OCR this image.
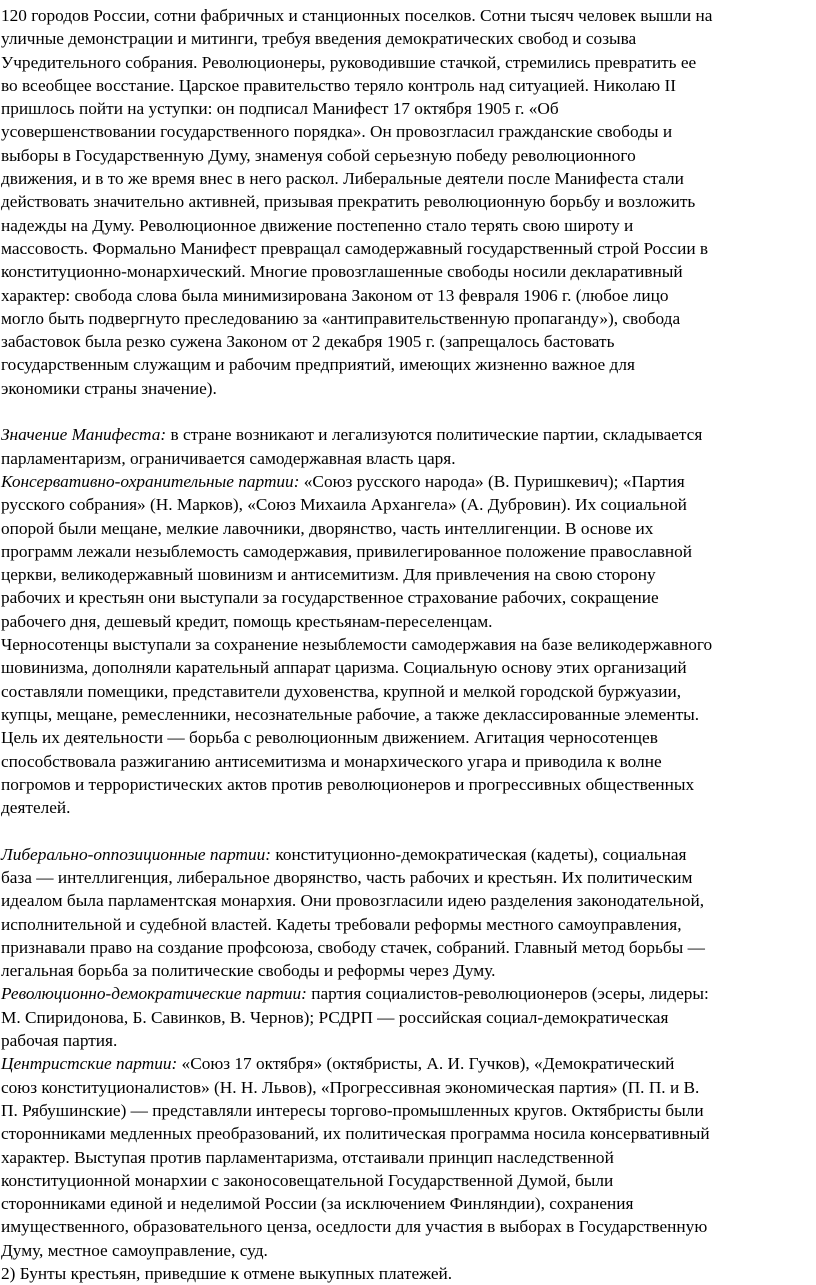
120 городов России, сотни фабричных и станционных поселков. Сотни тысяч человек вышли на
уличные демонстрации и митинги, требуя введения демократических свобод и созыва
Учредительного собрания. Революционеры, руководившие стачкой, стремились превратить ее
во всеобщее восстание. Царское правительство теряло контроль над ситуацией. Николаю II
пришлось пойти на уступки: он подписал Манифест 17 октября 1905 г. «Об
усовершенствовании государственного порядка». Он провозгласил гражданские свободы и
выборы в Государственную Думу, знаменуя собой серьезную победу революционного
движения, и в то же время внес в него раскол. Либеральные деятели после Манифеста стали
действовать значительно активней, призывая прекратить революционную борьбу и возложить
надежды на Думу. Революционное движение постепенно стало терять свою широту и
массовость. Формально Манифест превращал самодержавный государственный строй России в
конституционно-монархический. Многие провозглашенные свободы носили декларативный
характер: свобода слова была минимизирована Законом от 13 февраля 1906 г. (любое лицо
могло быть подвергнуто преследованию за «антиправительственную пропаганду»), свобода
забастовок была резко сужена Законом от 2 декабря 1905 г. (запрещалось бастовать
государственным служащим и рабочим предприятий, имеющих жизненно важное для
экономики страны значение).

Значение Манифеста: в стране возникают и легализуются политические партии, складывается
парламентаризм, ограничивается самодержавная власть царя.

Консервативно-охранительные партии: «Союз русского народа» (В. Пуришкевич); «Партия
русского собрания» (Н. Марков), «Союз Михаила Архангела» (А. Дубровин). Их социальной
опорой были мещане, мелкие лавочники, дворянство, часть интеллигенции. В основе их
программ лежали незыблемость самодержавия, привилегированное положение православной
церкви, великодержавный шовинизм и антисемитизм. Для привлечения на свою сторону
рабочих и крестьян они выступали за государственное страхование рабочих, сокращение
рабочего дня, дешевый кредит, помощь крестьянам-переселенцам.

Черносотенцы выступали за сохранение незыблемости самодержавия на базе великодержавного
шовинизма, дополняли карательный аппарат царизма. Социальную основу этих организаций
составляли помещики, представители духовенства, крупной и мелкой городской буржуазии,
купцы, мещане, ремесленники, несознательные рабочие, а также деклассированные элементы.
Цель их деятельности — борьба с революционным движением. Агитация черносотенцев
способствовала разжиганию антисемитизма и монархического угара и приводила к волне
погромов и террористических актов против революционеров и прогрессивных общественных
деятелей.

Либерально-оппозиционные партии: конституционно-демократическая (кадеты), социальная
база — интеллигенция, либеральное дворянство, часть рабочих и крестьян. Их политическим
идеалом была парламентская монархия. Они провозгласили идею разделения законодательной,
исполнительной и судебной властей. Кадеты требовали реформы местного самоуправления,
признавали право на создание профсоюза, свободу стачек, собраний. Главный метод борьбы —
легальная борьба за политические свободы и реформы через Думу.

Революционно-демократические партии: партия социалистов-революционеров (эсеры, лидеры:
М. Спиридонова, Б. Савинков, В. Чернов); РСДРП — российская социал-демократическая
рабочая партия.

Центристские партии: «Союз 17 октября» (октябристы, А. И. Гучков), «Демократический
союз конституционалистов» (Н. Н. Львов), «Прогрессивная экономическая партия» (П. П. и В.
П. Рябушинские) — представляли интересы торгово-промышленных кругов. Октябристы были
сторонниками медленных преобразований, их политическая программа носила консервативный
характер. Выступая против парламентаризма, отстаивали принцип наследственной
конституционной монархии с законосовещательной Государственной Думой, были
сторонниками единой и неделимой России (за исключением Финляндии), сохранения
имущественного, образовательного ценза, оседлости для участия в выборах в Государственную
Думу, местное самоуправление, суд.

2) Бунты крестьян, приведшие к отмене выкупных платежей.
